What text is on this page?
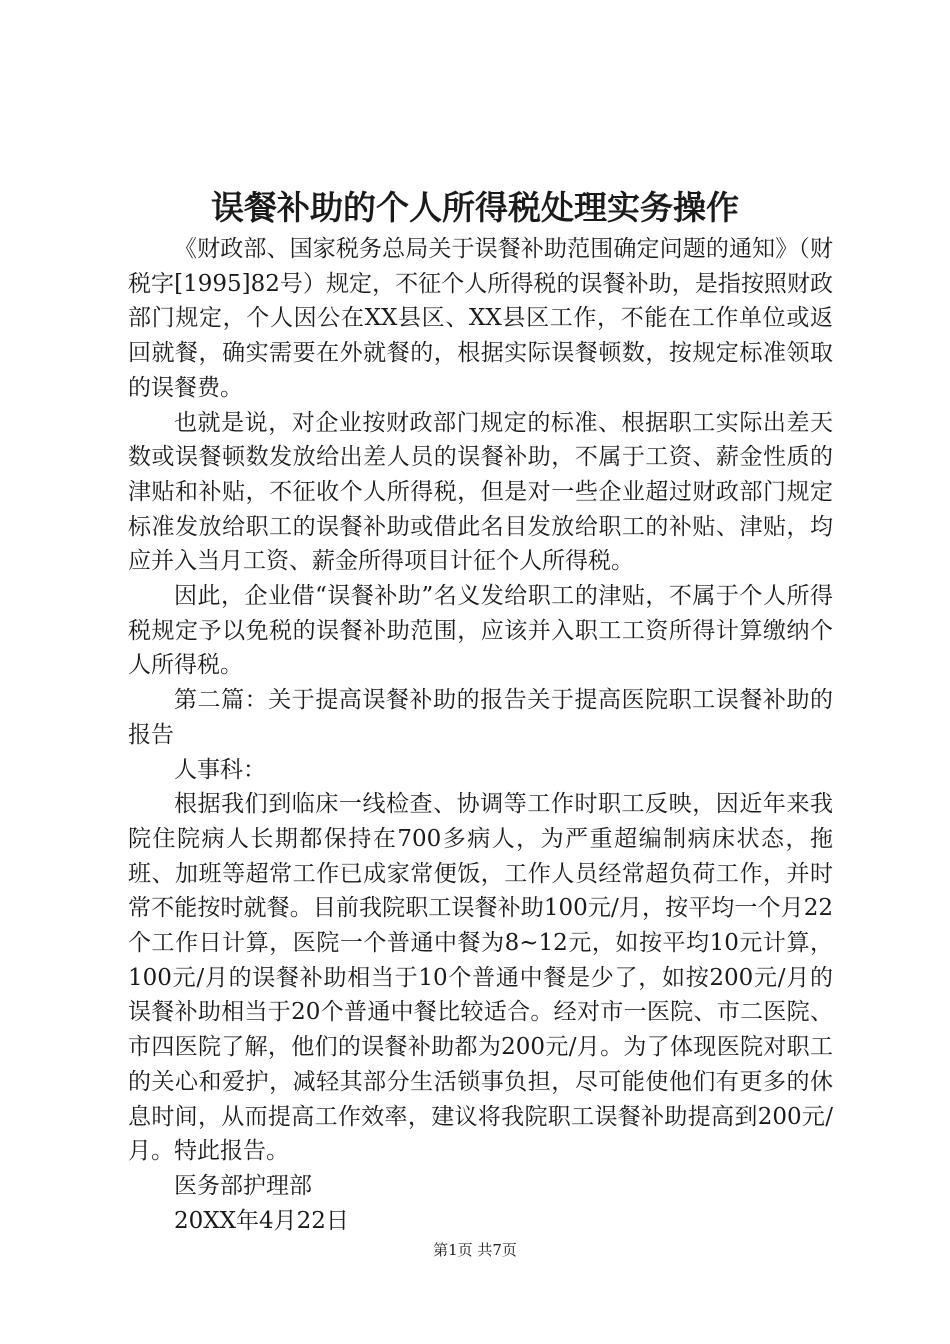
误餐补助的个人所得税处理实务操作

《财政部、国家税务总局关于误餐补助范围确定问题的通知》（财税字[1995]82号）规定，不征个人所得税的误餐补助，是指按照财政部门规定，个人因公在XX县区、XX县区工作，不能在工作单位或返回就餐，确实需要在外就餐的，根据实际误餐顿数，按规定标准领取的误餐费。

也就是说，对企业按财政部门规定的标准、根据职工实际出差天数或误餐顿数发放给出差人员的误餐补助，不属于工资、薪金性质的津贴和补贴，不征收个人所得税，但是对一些企业超过财政部门规定标准发放给职工的误餐补助或借此名目发放给职工的补贴、津贴，均应并入当月工资、薪金所得项目计征个人所得税。

因此，企业借“误餐补助”名义发给职工的津贴，不属于个人所得税规定予以免税的误餐补助范围，应该并入职工工资所得计算缴纳个人所得税。

第二篇：关于提高误餐补助的报告关于提高医院职工误餐补助的报告

人事科：

根据我们到临床一线检查、协调等工作时职工反映，因近年来我院住院病人长期都保持在700多病人，为严重超编制病床状态，拖班、加班等超常工作已成家常便饭，工作人员经常超负荷工作，并时常不能按时就餐。目前我院职工误餐补助100元/月，按平均一个月22个工作日计算，医院一个普通中餐为8~12元，如按平均10元计算，100元/月的误餐补助相当于10个普通中餐是少了，如按200元/月的误餐补助相当于20个普通中餐比较适合。经对市一医院、市二医院、市四医院了解，他们的误餐补助都为200元/月。为了体现医院对职工的关心和爱护，减轻其部分生活锁事负担，尽可能使他们有更多的休息时间，从而提高工作效率，建议将我院职工误餐补助提高到200元/月。特此报告。

医务部护理部

20XX年4月22日

第1页 共7页
